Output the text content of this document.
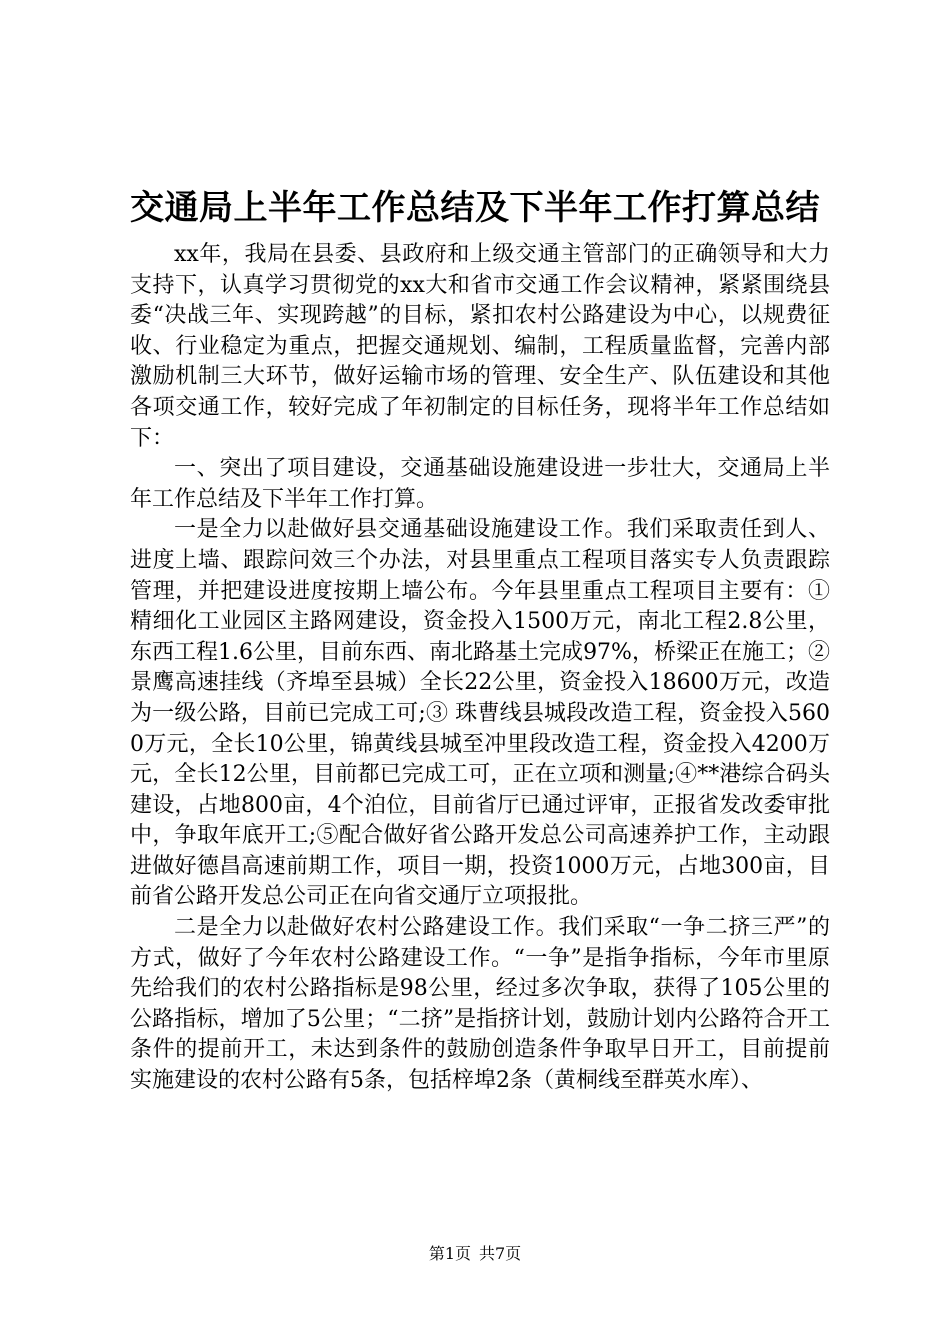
交通局上半年工作总结及下半年工作打算总结

xx年，我局在县委、县政府和上级交通主管部门的正确领导和大力支持下，认真学习贯彻党的xx大和省市交通工作会议精神，紧紧围绕县委“决战三年、实现跨越”的目标，紧扣农村公路建设为中心，以规费征收、行业稳定为重点，把握交通规划、编制，工程质量监督，完善内部激励机制三大环节，做好运输市场的管理、安全生产、队伍建设和其他各项交通工作，较好完成了年初制定的目标任务，现将半年工作总结如下：

一、突出了项目建设，交通基础设施建设进一步壮大，交通局上半年工作总结及下半年工作打算。

一是全力以赴做好县交通基础设施建设工作。我们采取责任到人、进度上墙、跟踪问效三个办法，对县里重点工程项目落实专人负责跟踪管理，并把建设进度按期上墙公布。今年县里重点工程项目主要有：①精细化工业园区主路网建设，资金投入1500万元，南北工程2.8公里，东西工程1.6公里，目前东西、南北路基土完成97%，桥梁正在施工；②景鹰高速挂线（齐埠至县城）全长22公里，资金投入18600万元，改造为一级公路，目前已完成工可;③ 珠曹线县城段改造工程，资金投入5600万元，全长10公里，锦黄线县城至冲里段改造工程，资金投入4200万元，全长12公里，目前都已完成工可，正在立项和测量;④**港综合码头建设，占地800亩，4个泊位，目前省厅已通过评审，正报省发改委审批中，争取年底开工;⑤配合做好省公路开发总公司高速养护工作，主动跟进做好德昌高速前期工作，项目一期，投资1000万元，占地300亩，目前省公路开发总公司正在向省交通厅立项报批。

二是全力以赴做好农村公路建设工作。我们采取“一争二挤三严”的方式，做好了今年农村公路建设工作。“一争”是指争指标，今年市里原先给我们的农村公路指标是98公里，经过多次争取，获得了105公里的公路指标，增加了5公里；“二挤”是指挤计划，鼓励计划内公路符合开工条件的提前开工，未达到条件的鼓励创造条件争取早日开工，目前提前实施建设的农村公路有5条，包括梓埠2条（黄桐线至群英水库）、

第1页 共7页
